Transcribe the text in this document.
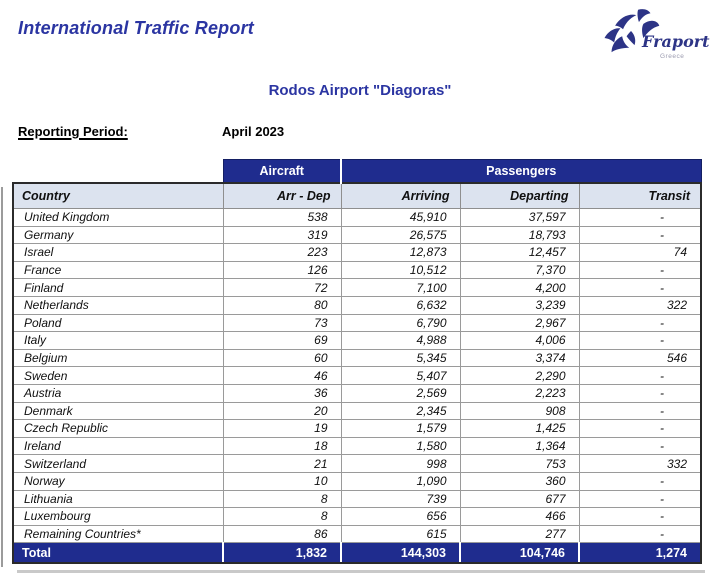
International Traffic Report
Fraport
Greece
Rodos Airport "Diagoras"
Reporting Period:	April 2023
	Aircraft	Passengers		
Country	Arr - Dep	Arriving	Departing	Transit
United Kingdom	538	45,910	37,597	-
Germany	319	26,575	18,793	-
Israel	223	12,873	12,457	74
France	126	10,512	7,370	-
Finland	72	7,100	4,200	-
Netherlands	80	6,632	3,239	322
Poland	73	6,790	2,967	-
Italy	69	4,988	4,006	-
Belgium	60	5,345	3,374	546
Sweden	46	5,407	2,290	-
Austria	36	2,569	2,223	-
Denmark	20	2,345	908	-
Czech Republic	19	1,579	1,425	-
Ireland	18	1,580	1,364	-
Switzerland	21	998	753	332
Norway	10	1,090	360	-
Lithuania	8	739	677	-
Luxembourg	8	656	466	-
Remaining Countries*	86	615	277	-
Total	1,832	144,303	104,746	1,274
